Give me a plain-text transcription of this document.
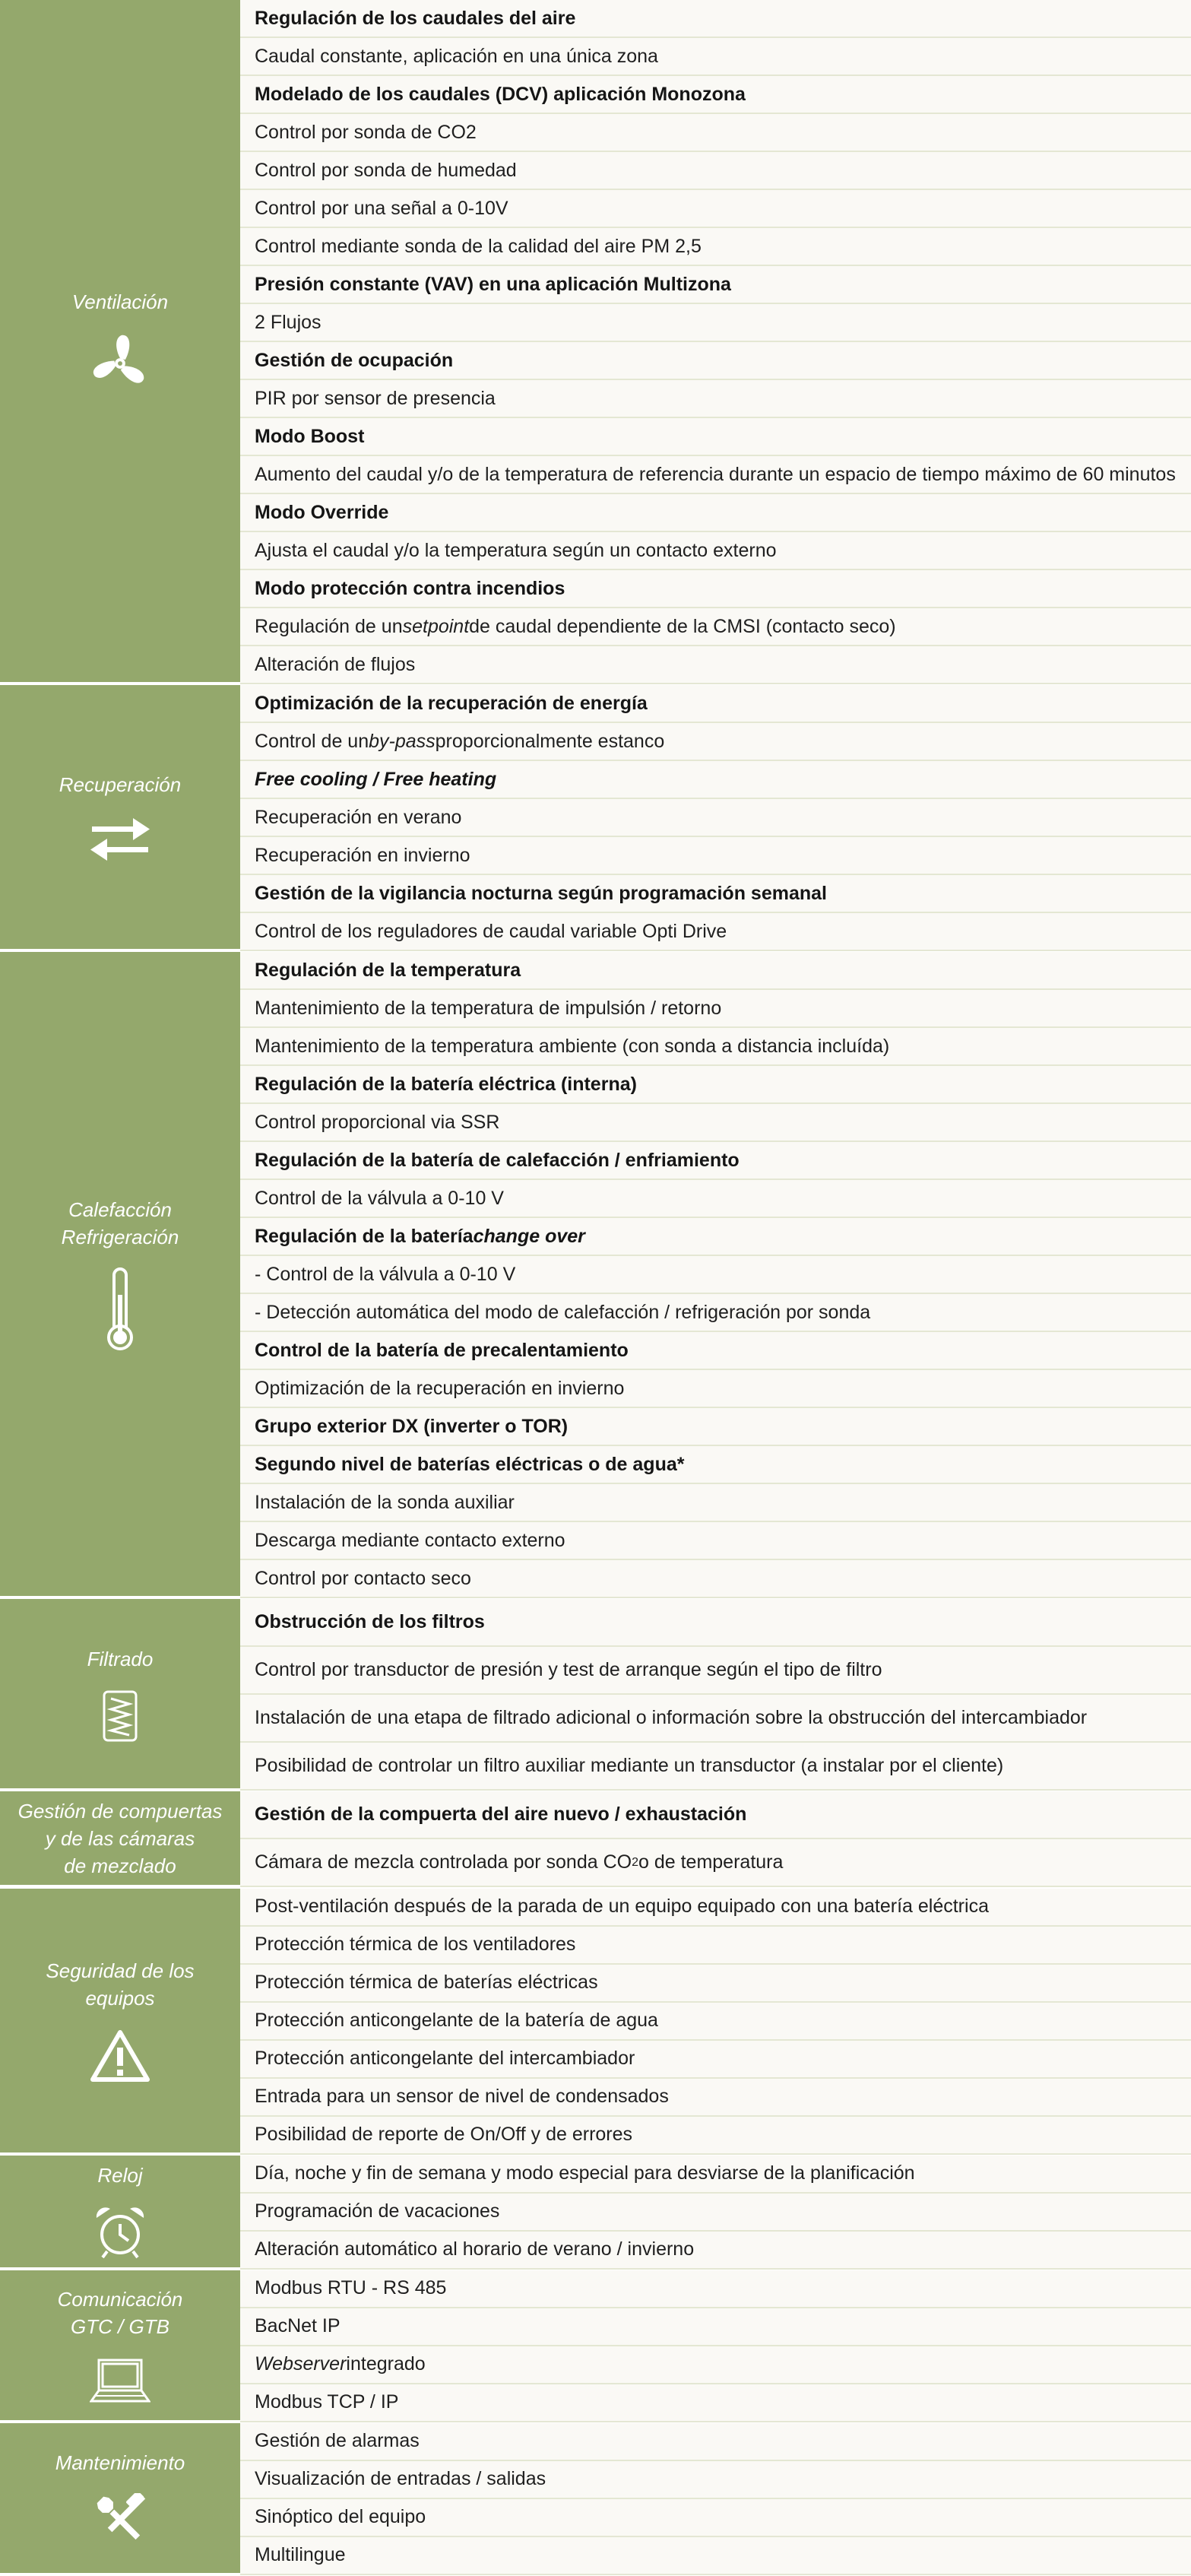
Ventilación
Regulación de los caudales del aire
Caudal constante, aplicación en una única zona
Modelado de los caudales (DCV) aplicación Monozona
Control por sonda de CO2
Control por sonda de humedad
Control por una señal a 0-10V
Control mediante sonda de la calidad del aire PM 2,5
Presión constante (VAV) en una aplicación Multizona
2 Flujos
Gestión de ocupación
PIR por sensor de presencia
Modo Boost
Aumento del caudal y/o de la temperatura de referencia durante un espacio de tiempo máximo de 60 minutos
Modo Override
Ajusta el caudal y/o la temperatura según un contacto externo
Modo protección contra incendios
Regulación de un setpoint de caudal dependiente de la CMSI (contacto seco)
Alteración de flujos
Recuperación
Optimización de la recuperación de energía
Control de un by-pass proporcionalmente estanco
Free cooling / Free heating
Recuperación en verano
Recuperación en invierno
Gestión de la vigilancia nocturna según programación semanal
Control de los reguladores de caudal variable Opti Drive
Calefacción
Refrigeración
Regulación de la temperatura
Mantenimiento de la temperatura de impulsión / retorno
Mantenimiento de la temperatura ambiente (con sonda a distancia incluída)
Regulación de la batería eléctrica (interna)
Control proporcional via SSR
Regulación de la batería de calefacción / enfriamiento
Control de la válvula a 0-10 V
Regulación de la batería change over
- Control de la válvula a 0-10 V
- Detección automática del modo de calefacción / refrigeración por sonda
Control de la batería de precalentamiento
Optimización de la recuperación en invierno
Grupo exterior DX (inverter o TOR)
Segundo nivel de baterías eléctricas o de agua*
Instalación de la sonda auxiliar
Descarga mediante contacto externo
Control por contacto seco
Filtrado
Obstrucción de los filtros
Control por transductor de presión y test de arranque según el tipo de filtro
Instalación de una etapa de filtrado adicional o información sobre la obstrucción del intercambiador
Posibilidad de controlar un filtro auxiliar mediante un transductor (a instalar por el cliente)
Gestión de compuertas
y de las cámaras
de mezclado
Gestión de la compuerta del aire nuevo / exhaustación
Cámara de mezcla controlada por sonda CO 2 o de temperatura
Seguridad de los
equipos
Post-ventilación después de la parada de un equipo equipado con una batería eléctrica
Protección térmica de los ventiladores
Protección térmica de baterías eléctricas
Protección anticongelante de la batería de agua
Protección anticongelante del intercambiador
Entrada para un sensor de nivel de condensados
Posibilidad de reporte de On/Off y de errores
Reloj	Día, noche y fin de semana y modo especial para desviarse de la planificación
Programación de vacaciones
Alteración automático al horario de verano / invierno
Comunicación
GTC / GTB
Modbus RTU - RS 485
BacNet IP
Webserver integrado
Modbus TCP / IP
Mantenimiento
Gestión de alarmas
Visualización de entradas / salidas
Sinóptico del equipo
Multilingue
